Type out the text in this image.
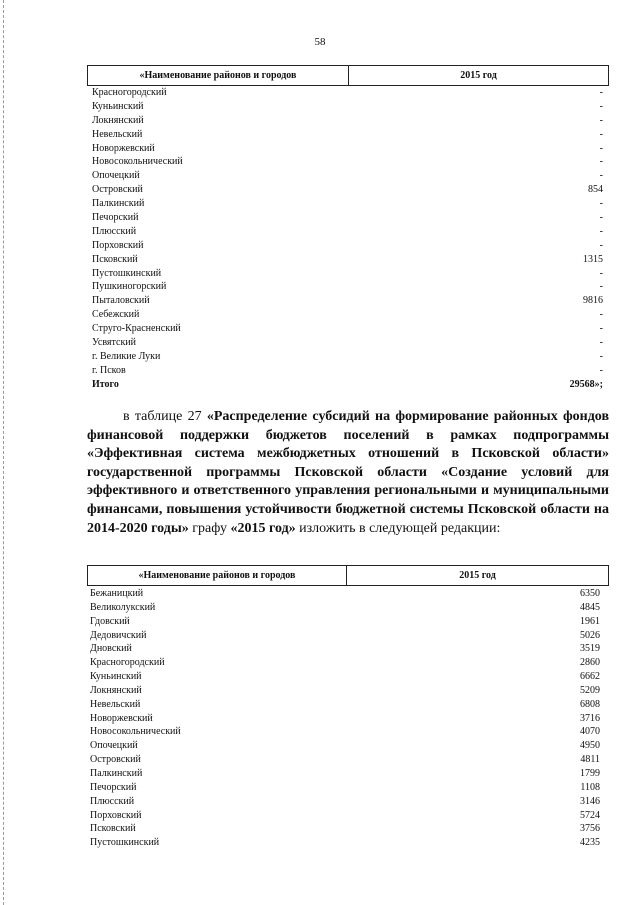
58
«Наименование районов и городов	2015 год
Красногородский	-
Куньинский	-
Локнянский	-
Невельский	-
Новоржевский	-
Новосокольнический	-
Опочецкий	-
Островский	854
Палкинский	-
Печорский	-
Плюсский	-
Порховский	-
Псковский	1315
Пустошкинский	-
Пушкиногорский	-
Пыталовский	9816
Себежский	-
Струго-Красненский	-
Усвятский	-
г. Великие Луки	-
г. Псков	-
Итого	29568»;
в таблице 27 «Распределение субсидий на формирование районных фондов финансовой поддержки бюджетов поселений в рамках подпрограммы «Эффективная система межбюджетных отношений в Псковской области» государственной программы Псковской области «Создание условий для эффективного и ответственного управления региональными и муниципальными финансами, повышения устойчивости бюджетной системы Псковской области на 2014-2020 годы» графу «2015 год» изложить в следующей редакции:
«Наименование районов и городов	2015 год
Бежаницкий	6350
Великолукский	4845
Гдовский	1961
Дедовичский	5026
Дновский	3519
Красногородский	2860
Куньинский	6662
Локнянский	5209
Невельский	6808
Новоржевский	3716
Новосокольнический	4070
Опочецкий	4950
Островский	4811
Палкинский	1799
Печорский	1108
Плюсский	3146
Порховский	5724
Псковский	3756
Пустошкинский	4235
